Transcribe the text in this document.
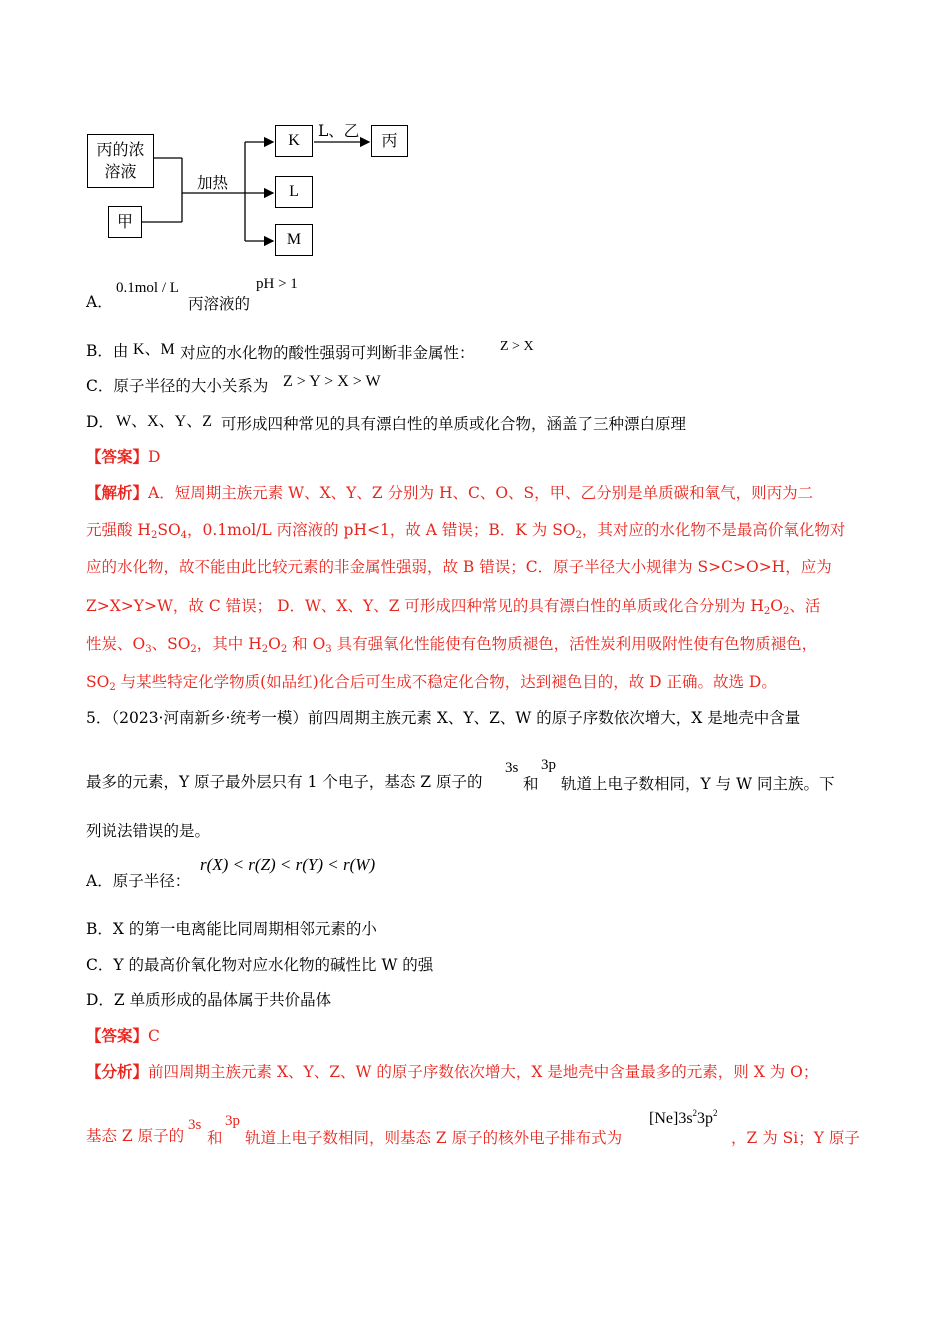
丙的浓
溶液
甲
K
L
M
丙
加热
L、乙
A．
0.1mol / L
丙溶液的
pH > 1
B．由 K、M 对应的水化物的酸性强弱可判断非金属性： Z > X
C．原子半径的大小关系为 Z > Y > X > W
D． W、X、Y、Z 可形成四种常见的具有漂白性的单质或化合物，涵盖了三种漂白原理
【答案】D
【解析】A．短周期主族元素 W、X、Y、Z 分别为 H、C、O、S，甲、乙分别是单质碳和氧气，则丙为二
元强酸 $H_2SO_4$，0.1mol/L 丙溶液的 pH<1，故 A 错误；B．K 为 $SO_2$，其对应的水化物不是最高价氧化物对
应的水化物，故不能由此比较元素的非金属性强弱，故 B 错误；C．原子半径大小规律为 S>C>O>H，应为
Z>X>Y>W，故 C 错误； D．W、X、Y、Z 可形成四种常见的具有漂白性的单质或化合分别为 $H_2O_2$、活
性炭、$O_3$、$SO_2$，其中 $H_2O_2$ 和 $O_3$ 具有强氧化性能使有色物质褪色，活性炭利用吸附性使有色物质褪色，
$SO_2$ 与某些特定化学物质(如品红)化合后可生成不稳定化合物，达到褪色目的，故 D 正确。故选 D。
5．（2023·河南新乡·统考一模）前四周期主族元素 X、Y、Z、W 的原子序数依次增大，X 是地壳中含量
最多的元素，Y 原子最外层只有 1 个电子，基态 Z 原子的
3s
和
3p
轨道上电子数相同，Y 与 W 同主族。下
列说法错误的是。
A．原子半径：
r(X) < r(Z) < r(Y) < r(W)
B．X 的第一电离能比同周期相邻元素的小
C．Y 的最高价氧化物对应水化物的碱性比 W 的强
D．Z 单质形成的晶体属于共价晶体
【答案】C
【分析】前四周期主族元素 X、Y、Z、W 的原子序数依次增大，X 是地壳中含量最多的元素，则 X 为 O；
基态 Z 原子的
3s
和
3p
轨道上电子数相同，则基态 Z 原子的核外电子排布式为
$[Ne]3s^23p^2$
，Z 为 Si；Y 原子
